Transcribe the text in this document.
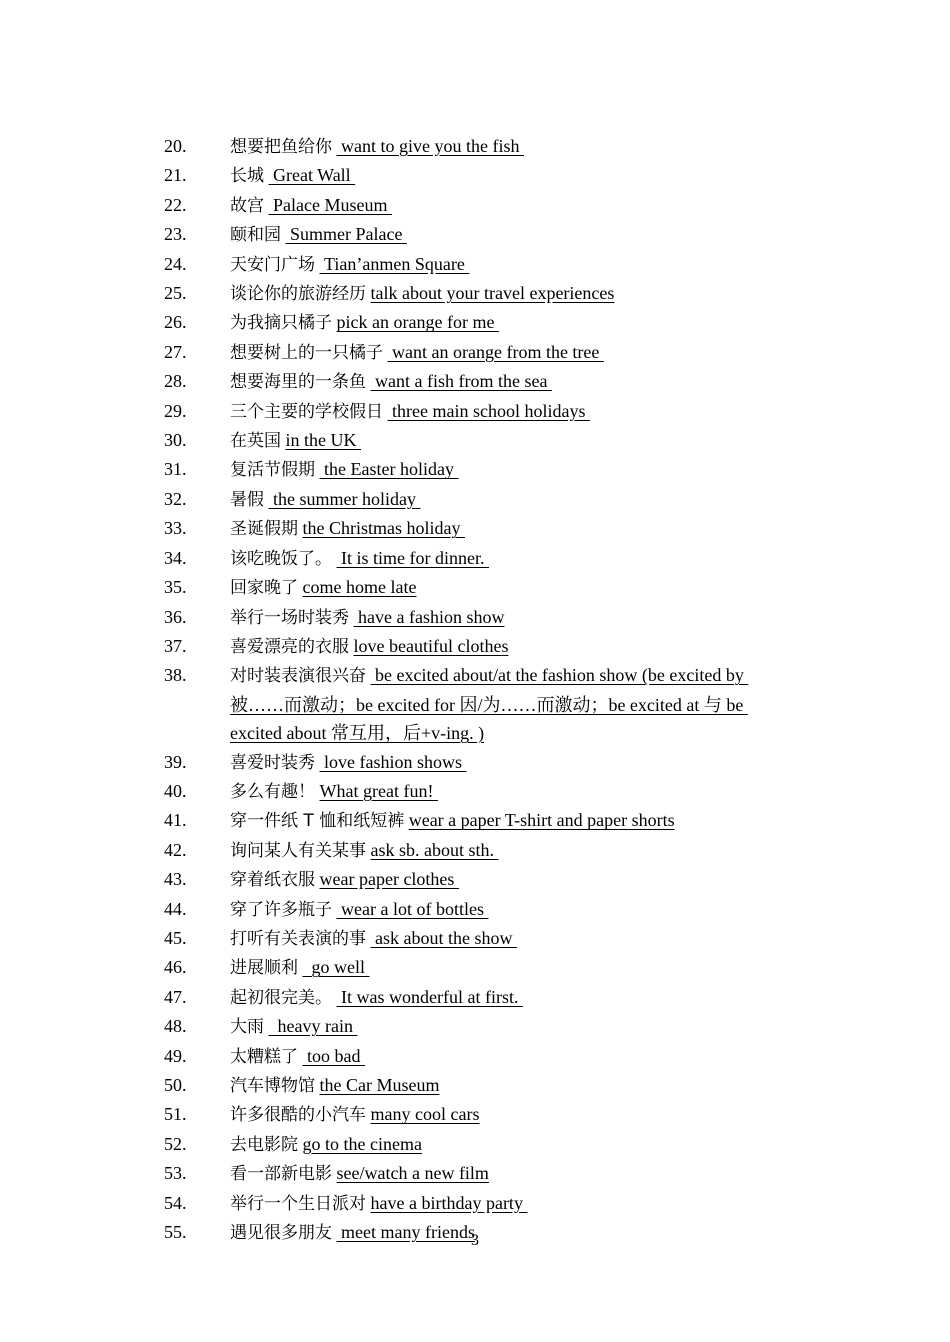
20.	想要把鱼给你  want to give you the fish
21.	长城  Great Wall
22.	故宫  Palace Museum
23.	颐和园  Summer Palace
24.	天安门广场  Tian’anmen Square
25.	谈论你的旅游经历 talk about your travel experiences
26.	为我摘只橘子 pick an orange for me
27.	想要树上的一只橘子  want an orange from the tree
28.	想要海里的一条鱼  want a fish from the sea
29.	三个主要的学校假日  three main school holidays
30.	在英国 in the UK
31.	复活节假期  the Easter holiday
32.	暑假  the summer holiday
33.	圣诞假期 the Christmas holiday
34.	该吃晚饭了。  It is time for dinner.
35.	回家晚了 come home late
36.	举行一场时装秀  have a fashion show
37.	喜爱漂亮的衣服 love beautiful clothes
38.	对时装表演很兴奋  be excited about/at the fashion show (be excited by 被……而激动；be excited for 因/为……而激动；be excited at 与 be excited about 常互用，后+v-ing. )
39.	喜爱时装秀  love fashion shows
40.	多么有趣！ What great fun!
41.	穿一件纸 T 恤和纸短裤 wear a paper T-shirt and paper shorts
42.	询问某人有关某事 ask sb. about sth.
43.	穿着纸衣服 wear paper clothes
44.	穿了许多瓶子  wear a lot of bottles
45.	打听有关表演的事  ask about the show
46.	进展顺利   go well
47.	起初很完美。  It was wonderful at first.
48.	大雨   heavy rain
49.	太糟糕了  too bad
50.	汽车博物馆 the Car Museum
51.	许多很酷的小汽车 many cool cars
52.	去电影院 go to the cinema
53.	看一部新电影 see/watch a new film
54.	举行一个生日派对 have a birthday party
55.	遇见很多朋友  meet many friends
3
